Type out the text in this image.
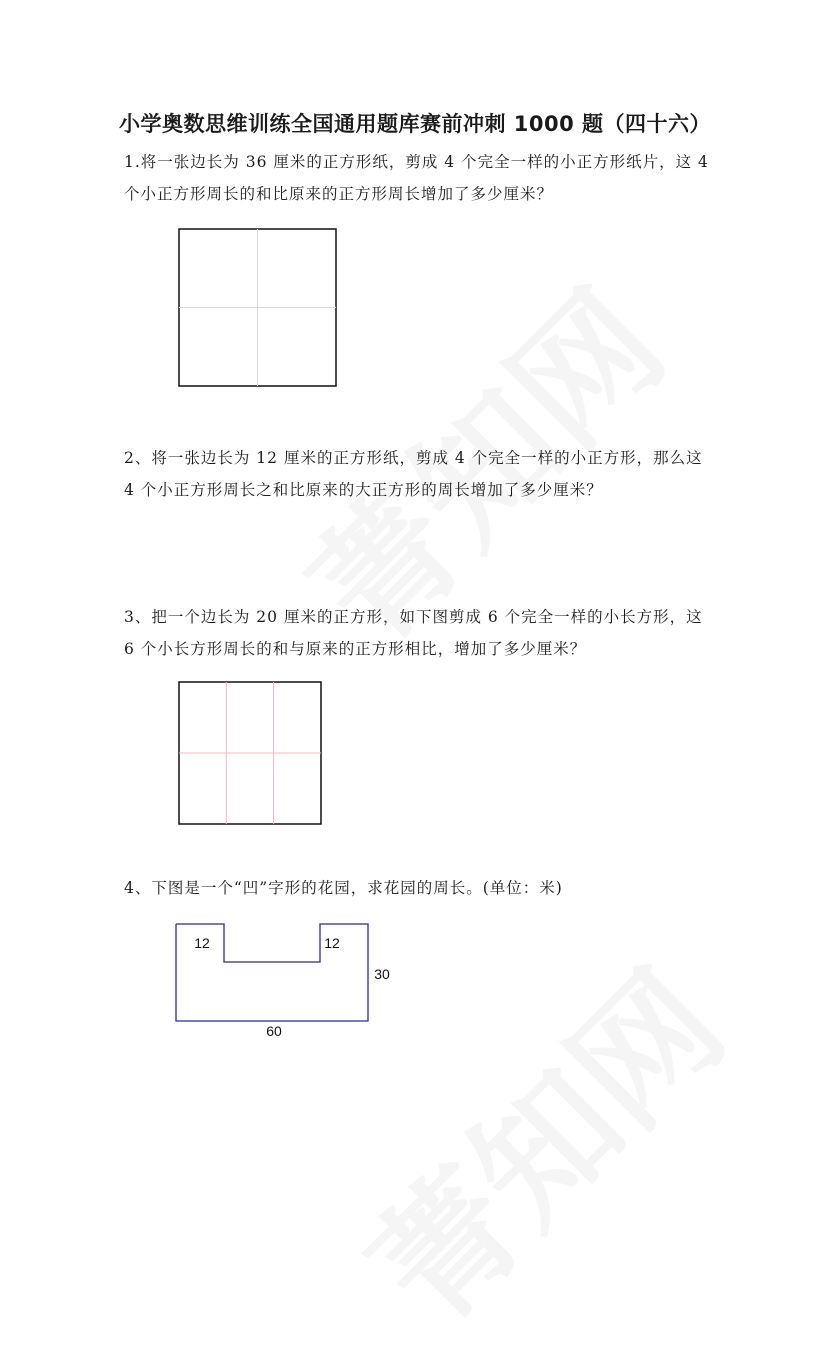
小学奥数思维训练全国通用题库赛前冲刺 1000 题（四十六）
1.将一张边长为 36 厘米的正方形纸，剪成 4 个完全一样的小正方形纸片，这 4 个小正方形周长的和比原来的正方形周长增加了多少厘米？
2、将一张边长为 12 厘米的正方形纸，剪成 4 个完全一样的小正方形，那么这 4 个小正方形周长之和比原来的大正方形的周长增加了多少厘米？
3、把一个边长为 20 厘米的正方形，如下图剪成 6 个完全一样的小长方形，这 6 个小长方形周长的和与原来的正方形相比，增加了多少厘米？
4、下图是一个“凹”字形的花园，求花园的周长。(单位：米)
12	12
30
60
